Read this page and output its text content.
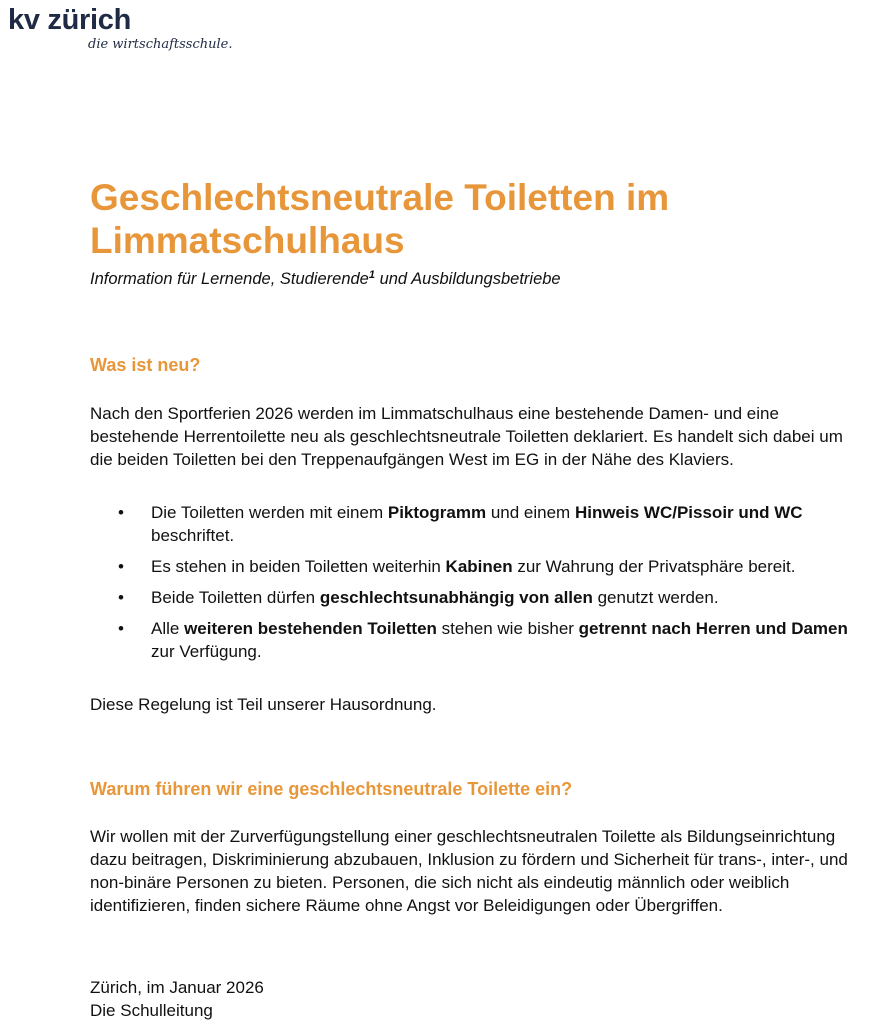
kv zürich
die wirtschaftsschule.
Geschlechtsneutrale Toiletten im Limmatschulhaus

Information für Lernende, Studierende$^1$ und Ausbildungsbetriebe

Was ist neu?

Nach den Sportferien 2026 werden im Limmatschulhaus eine bestehende Damen- und eine bestehende Herrentoilette neu als geschlechtsneutrale Toiletten deklariert. Es handelt sich dabei um die beiden Toiletten bei den Treppenaufgängen West im EG in der Nähe des Klaviers.

• Die Toiletten werden mit einem Piktogramm und einem Hinweis WC/Pissoir und WC beschriftet.
• Es stehen in beiden Toiletten weiterhin Kabinen zur Wahrung der Privatsphäre bereit.
• Beide Toiletten dürfen geschlechtsunabhängig von allen genutzt werden.
• Alle weiteren bestehenden Toiletten stehen wie bisher getrennt nach Herren und Damen zur Verfügung.

Diese Regelung ist Teil unserer Hausordnung.

Warum führen wir eine geschlechtsneutrale Toilette ein?

Wir wollen mit der Zurverfügungstellung einer geschlechtsneutralen Toilette als Bildungseinrichtung dazu beitragen, Diskriminierung abzubauen, Inklusion zu fördern und Sicherheit für trans-, inter-, und non-binäre Personen zu bieten. Personen, die sich nicht als eindeutig männlich oder weiblich identifizieren, finden sichere Räume ohne Angst vor Beleidigungen oder Übergriffen.

Zürich, im Januar 2026
Die Schulleitung
